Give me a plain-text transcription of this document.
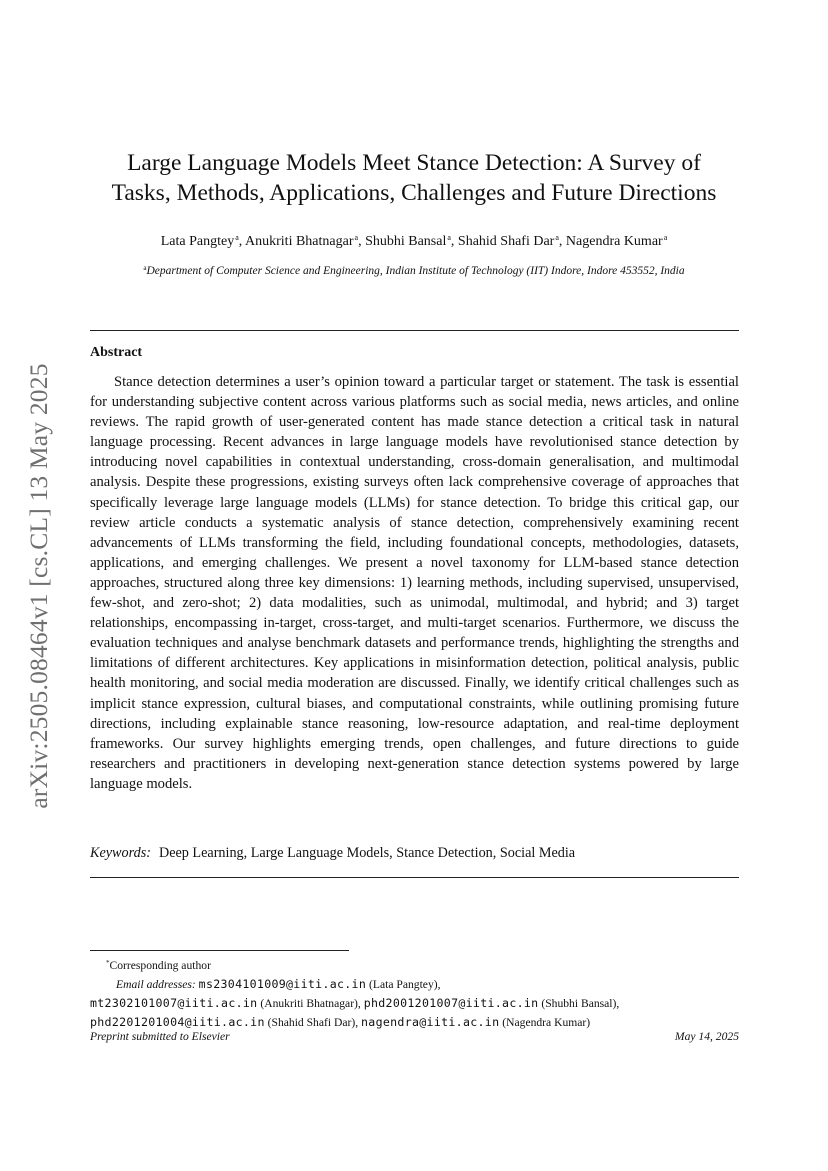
arXiv:2505.08464v1 [cs.CL] 13 May 2025
Large Language Models Meet Stance Detection: A Survey of
Tasks, Methods, Applications, Challenges and Future Directions
Lata Pangtey$^a$, Anukriti Bhatnagar$^a$, Shubhi Bansal$^a$, Shahid Shafi Dar$^a$, Nagendra Kumar$^a$
$^a$Department of Computer Science and Engineering, Indian Institute of Technology (IIT) Indore, Indore 453552, India
Abstract
Stance detection determines a user’s opinion toward a particular target or statement. The task is essential for understanding subjective content across various platforms such as social media, news articles, and online reviews. The rapid growth of user-generated content has made stance detection a critical task in natural language processing. Recent advances in large language models have revolutionised stance detection by introducing novel capabilities in contextual understanding, cross-domain generalisation, and multimodal analysis. Despite these progressions, existing surveys often lack comprehensive coverage of approaches that specifically leverage large language models (LLMs) for stance detection. To bridge this critical gap, our review article conducts a systematic analysis of stance detection, comprehensively examining recent advancements of LLMs transforming the field, including foundational concepts, methodologies, datasets, applications, and emerging challenges. We present a novel taxonomy for LLM-based stance detection approaches, structured along three key dimensions: 1) learning methods, including supervised, unsupervised, few-shot, and zero-shot; 2) data modalities, such as unimodal, multimodal, and hybrid; and 3) target relationships, encompassing in-target, cross-target, and multi-target scenarios. Furthermore, we discuss the evaluation techniques and analyse benchmark datasets and performance trends, highlighting the strengths and limitations of different architectures. Key applications in misinformation detection, political analysis, public health monitoring, and social media moderation are discussed. Finally, we identify critical challenges such as implicit stance expression, cultural biases, and computational constraints, while outlining promising future directions, including explainable stance reasoning, low-resource adaptation, and real-time deployment frameworks. Our survey highlights emerging trends, open challenges, and future directions to guide researchers and practitioners in developing next-generation stance detection systems powered by large language models.
Keywords: Deep Learning, Large Language Models, Stance Detection, Social Media
*Corresponding author
Email addresses: ms2304101009@iiti.ac.in (Lata Pangtey),
mt2302101007@iiti.ac.in (Anukriti Bhatnagar), phd2001201007@iiti.ac.in (Shubhi Bansal),
phd2201201004@iiti.ac.in (Shahid Shafi Dar), nagendra@iiti.ac.in (Nagendra Kumar)
Preprint submitted to Elsevier	May 14, 2025
